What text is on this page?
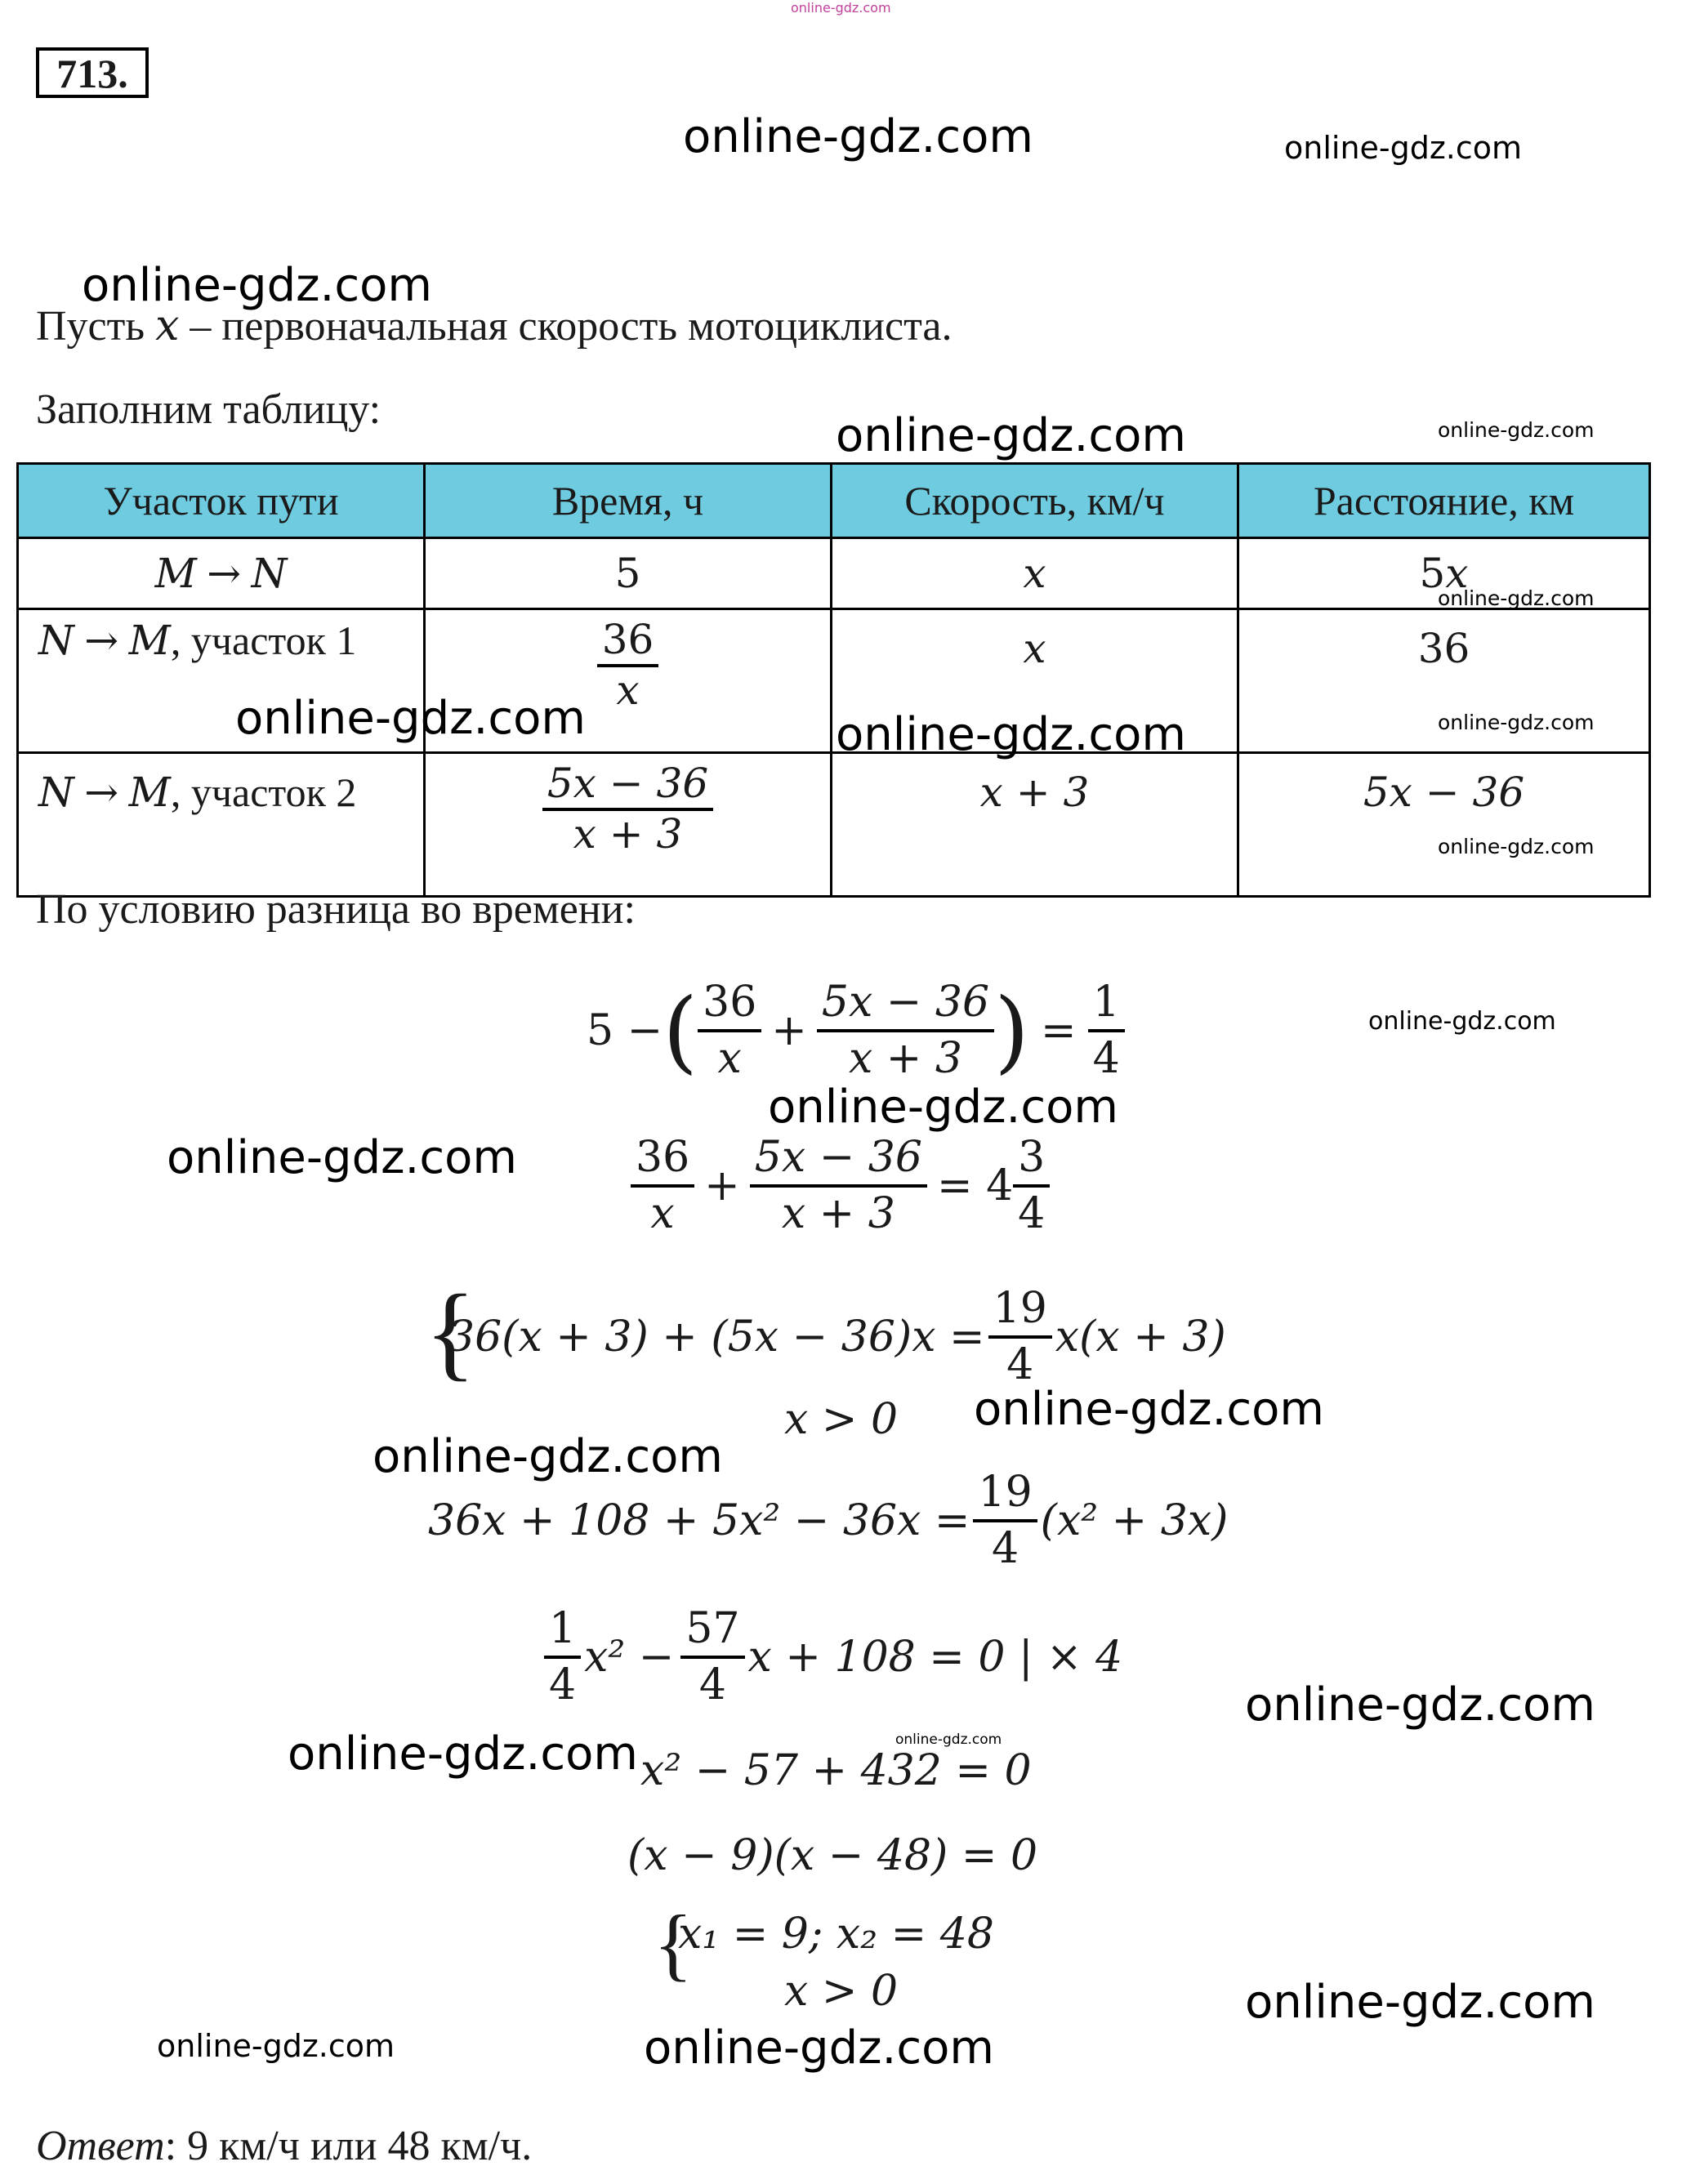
online-gdz.com
713.
online-gdz.com	online-gdz.com
online-gdz.com
online-gdz.com	online-gdz.com
Пусть x – первоначальная скорость мотоциклиста.
Заполним таблицу:
Участок пути	Время, ч	Скорость, км/ч	Расстояние, км
M → N	5	x	5x
N → M, участок 1	$\frac{36}{x}$	x	36
N → M, участок 2	$\frac{5x - 36}{x + 3}$	x + 3	5x − 36
online-gdz.com
online-gdz.com	online-gdz.com	online-gdz.com
online-gdz.com
По условию разница во времени:
5 − ( $\frac{36}{x} + \frac{5x - 36}{x + 3}$ ) = $\frac{1}{4}$	online-gdz.com
online-gdz.com
online-gdz.com	$\frac{36}{x} + \frac{5x - 36}{x + 3} = 4 \frac{3}{4}$
{
$36(x + 3) + (5x - 36)x = \frac{19}{4} x(x + 3)$
x > 0 online-gdz.com
online-gdz.com
$36x + 108 + 5x^2 - 36x = \frac{19}{4} (x^2 + 3x)$
$\frac{1}{4} x^2 - \frac{57}{4}$ x + 108 = 0 | × 4
online-gdz.com
online-gdz.com
online-gdz.com x² − 57 + 432 = 0
(x − 9)(x − 48) = 0
{
x₁ = 9; x₂ = 48
x > 0	online-gdz.com
online-gdz.com	online-gdz.com
Ответ: 9 км/ч или 48 км/ч.
